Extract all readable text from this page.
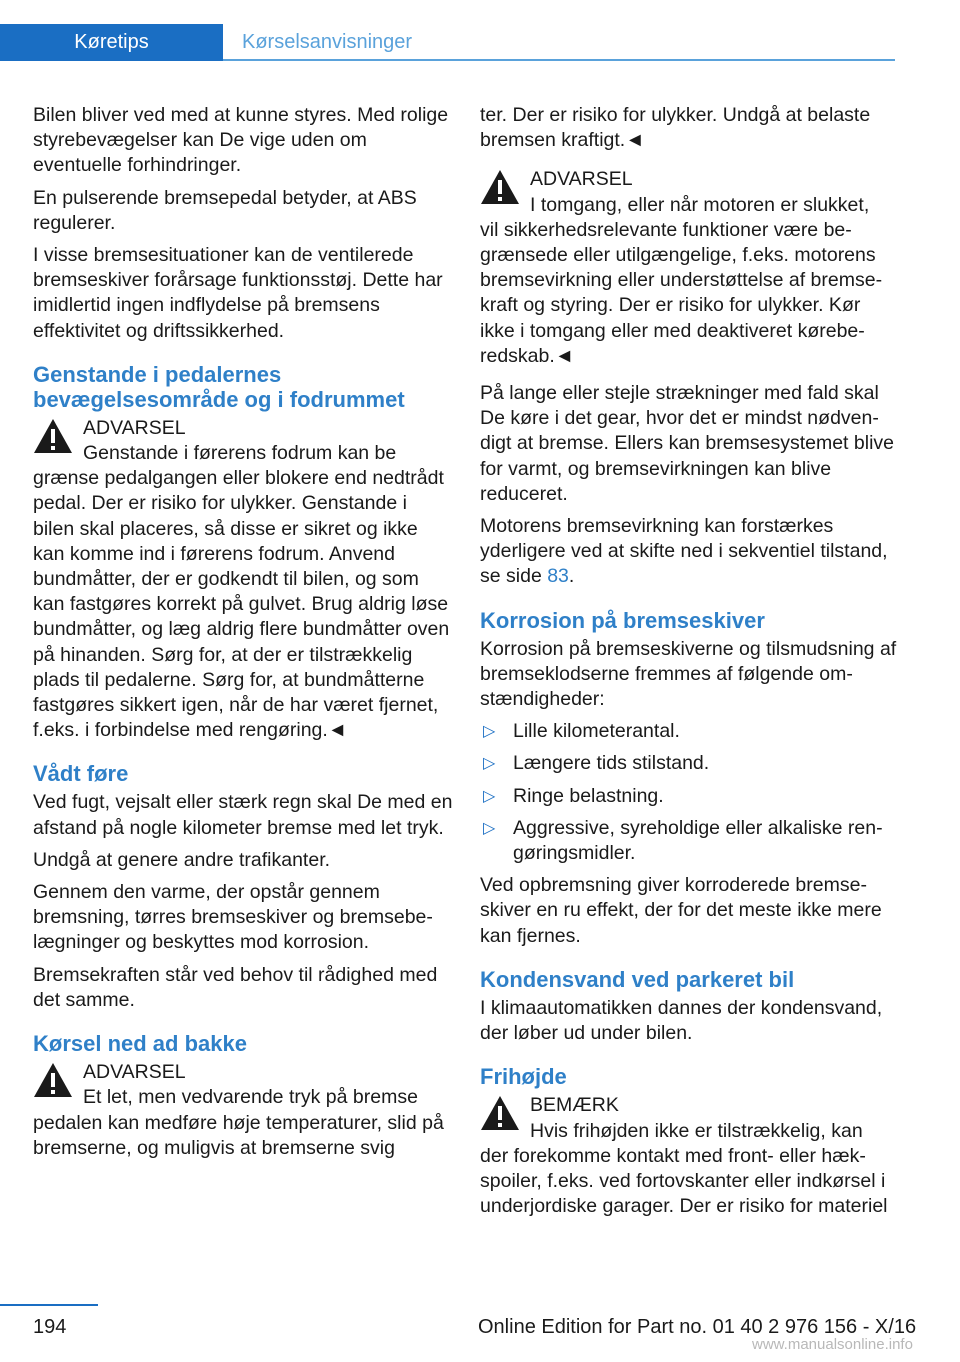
Køretips	Kørselsanvisninger

Bilen bliver ved med at kunne styres. Med rolige styrebevægelser kan De vige uden om eventuelle forhindringer.

En pulserende bremsepedal betyder, at ABS regulerer.

I visse bremsesituationer kan de ventilerede bremseskiver forårsage funktionsstøj. Dette har imidlertid ingen indflydelse på bremsens effektivitet og driftssikkerhed.

Genstande i pedalernes bevægelsesområde og i fodrummet
ADVARSEL
Genstande i førerens fodrum kan be
grænse pedalgangen eller blokere end nedtrådt pedal. Der er risiko for ulykker. Genstande i bilen skal placeres, så disse er sikret og ikke kan komme ind i førerens fodrum. Anvend bundmåtter, der er godkendt til bilen, og som kan fastgøres korrekt på gulvet. Brug aldrig løse bundmåtter, og læg aldrig flere bundmåtter oven på hinanden. Sørg for, at der er tilstrækkelig plads til pedalerne. Sørg for, at bundmåtterne fastgøres sikkert igen, når de har været fjernet, f.eks. i forbindelse med rengøring.◄
Vådt føre

Ved fugt, vejsalt eller stærk regn skal De med en afstand på nogle kilometer bremse med let tryk.

Undgå at genere andre trafikanter.

Gennem den varme, der opstår gennem bremsning, tørres bremseskiver og bremsebelægninger og beskyttes mod korrosion.

Bremsekraften står ved behov til rådighed med det samme.

Kørsel ned ad bakke
ADVARSEL
Et let, men vedvarende tryk på bremse
pedalen kan medføre høje temperaturer, slid på bremserne, og muligvis at bremserne svig

ter. Der er risiko for ulykker. Undgå at belaste bremsen kraftigt.◄

ADVARSEL
I tomgang, eller når motoren er slukket,
vil sikkerhedsrelevante funktioner være begrænsede eller utilgængelige, f.eks. motorens bremsevirkning eller understøttelse af bremsekraft og styring. Der er risiko for ulykker. Kør ikke i tomgang eller med deaktiveret køreberedskab.◄

På lange eller stejle strækninger med fald skal De køre i det gear, hvor det er mindst nødvendigt at bremse. Ellers kan bremsesystemet blive for varmt, og bremsevirkningen kan blive reduceret.

Motorens bremsevirkning kan forstærkes yderligere ved at skifte ned i sekventiel tilstand, se side 83.

Korrosion på bremseskiver

Korrosion på bremseskiverne og tilsmudsning af bremseklodserne fremmes af følgende omstændigheder:

▷ Lille kilometerantal.
▷ Længere tids stilstand.
▷ Ringe belastning.
▷ Aggressive, syreholdige eller alkaliske rengøringsmidler.

Ved opbremsning giver korroderede bremseskiver en ru effekt, der for det meste ikke mere kan fjernes.

Kondensvand ved parkeret bil

I klimaautomatikken dannes der kondensvand, der løber ud under bilen.

Frihøjde
BEMÆRK
Hvis frihøjden ikke er tilstrækkelig, kan
der forekomme kontakt med front- eller hækspoiler, f.eks. ved fortovskanter eller indkørsel i underjordiske garager. Der er risiko for materiel
194	Online Edition for Part no. 01 40 2 976 156 - X/16
www.manualsonline.info
